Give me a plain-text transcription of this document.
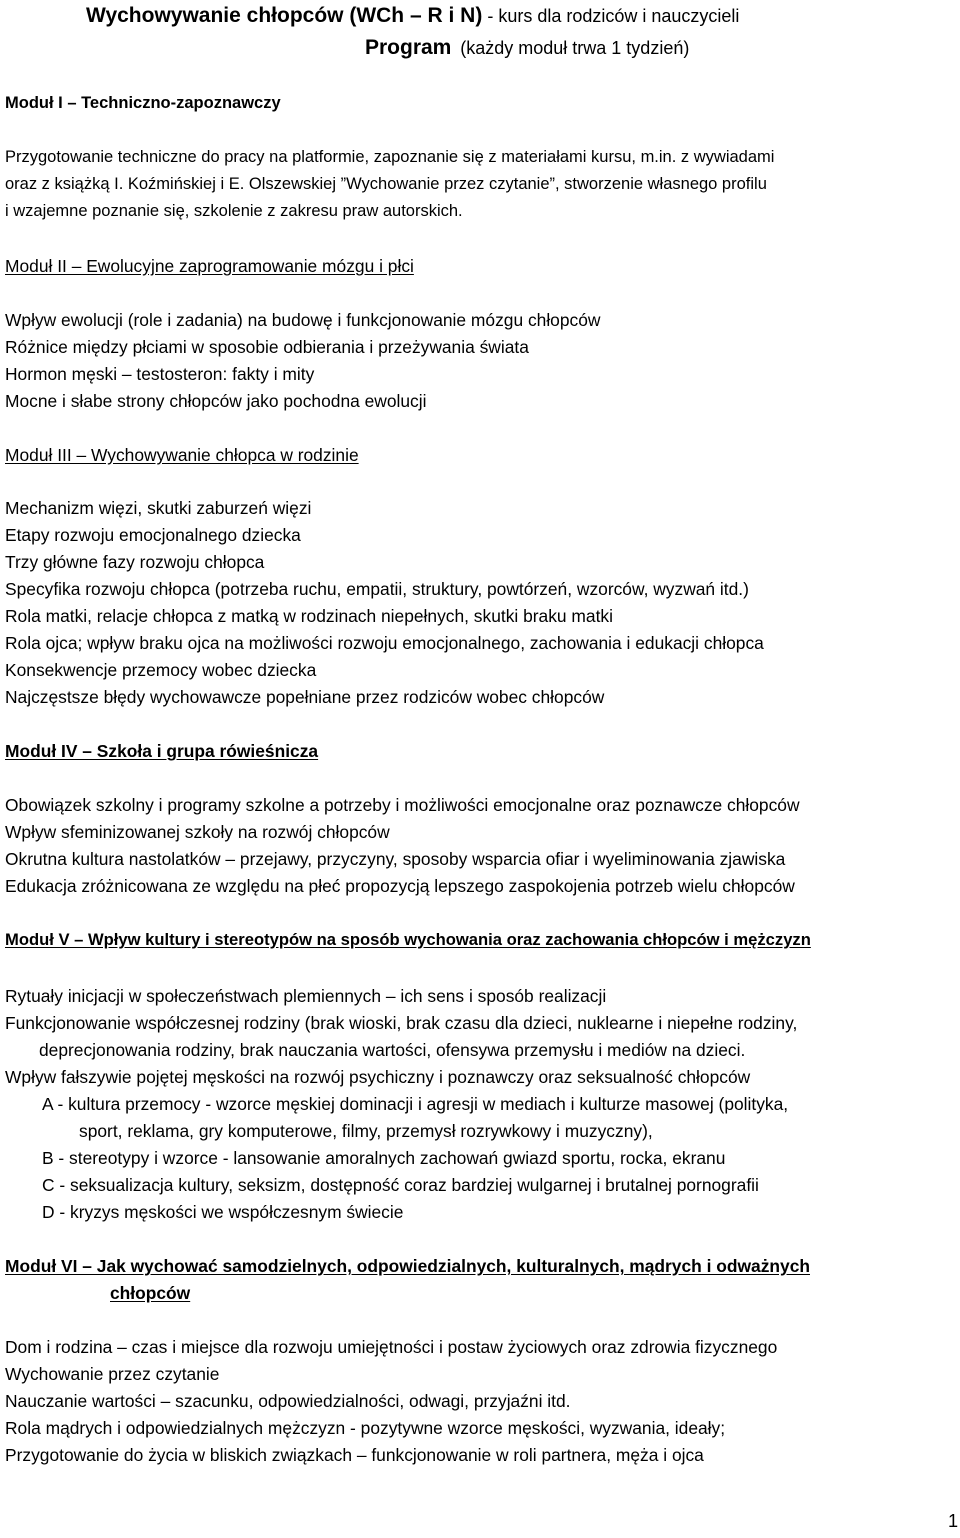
Wychowywanie chłopców (WCh – R i N) - kurs dla rodziców i nauczycieli
Program (każdy moduł trwa 1 tydzień)
Moduł I – Techniczno-zapoznawczy
Przygotowanie techniczne do pracy na platformie, zapoznanie się z materiałami kursu, m.in. z wywiadami
oraz z książką I. Koźmińskiej i E. Olszewskiej ”Wychowanie przez czytanie”, stworzenie własnego profilu
i wzajemne poznanie się, szkolenie z zakresu praw autorskich.
Moduł II – Ewolucyjne zaprogramowanie mózgu i płci
Wpływ ewolucji (role i zadania) na budowę i funkcjonowanie mózgu chłopców
Różnice między płciami w sposobie odbierania i przeżywania świata
Hormon męski – testosteron: fakty i mity
Mocne i słabe strony chłopców jako pochodna ewolucji
Moduł III – Wychowywanie chłopca w rodzinie
Mechanizm więzi, skutki zaburzeń więzi
Etapy rozwoju emocjonalnego dziecka
Trzy główne fazy rozwoju chłopca
Specyfika rozwoju chłopca (potrzeba ruchu, empatii, struktury, powtórzeń, wzorców, wyzwań itd.)
Rola matki, relacje chłopca z matką w rodzinach niepełnych, skutki braku matki
Rola ojca; wpływ braku ojca na możliwości rozwoju emocjonalnego, zachowania i edukacji chłopca
Konsekwencje przemocy wobec dziecka
Najczęstsze błędy wychowawcze popełniane przez rodziców wobec chłopców
Moduł IV – Szkoła i grupa rówieśnicza
Obowiązek szkolny i programy szkolne a potrzeby i możliwości emocjonalne oraz poznawcze chłopców
Wpływ sfeminizowanej szkoły na rozwój chłopców
Okrutna kultura nastolatków – przejawy, przyczyny, sposoby wsparcia ofiar i wyeliminowania zjawiska
Edukacja zróżnicowana ze względu na płeć propozycją lepszego zaspokojenia potrzeb wielu chłopców
Moduł V – Wpływ kultury i stereotypów na sposób wychowania oraz zachowania chłopców i mężczyzn
Rytuały inicjacji w społeczeństwach plemiennych – ich sens i sposób realizacji
Funkcjonowanie współczesnej rodziny (brak wioski, brak czasu dla dzieci, nuklearne i niepełne rodziny,
deprecjonowania rodziny, brak nauczania wartości, ofensywa przemysłu i mediów na dzieci.
Wpływ fałszywie pojętej męskości na rozwój psychiczny i poznawczy oraz seksualność chłopców
A - kultura przemocy - wzorce męskiej dominacji i agresji w mediach i kulturze masowej (polityka,
sport, reklama, gry komputerowe, filmy, przemysł rozrywkowy i muzyczny),
B - stereotypy i wzorce - lansowanie amoralnych zachowań gwiazd sportu, rocka, ekranu
C - seksualizacja kultury, seksizm, dostępność coraz bardziej wulgarnej i brutalnej pornografii
D - kryzys męskości we współczesnym świecie
Moduł VI – Jak wychować samodzielnych, odpowiedzialnych, kulturalnych, mądrych i odważnych
chłopców
Dom i rodzina – czas i miejsce dla rozwoju umiejętności i postaw życiowych oraz zdrowia fizycznego
Wychowanie przez czytanie
Nauczanie wartości – szacunku, odpowiedzialności, odwagi, przyjaźni itd.
Rola mądrych i odpowiedzialnych mężczyzn - pozytywne wzorce męskości, wyzwania, ideały;
Przygotowanie do życia w bliskich związkach – funkcjonowanie w roli partnera, męża i ojca
1
